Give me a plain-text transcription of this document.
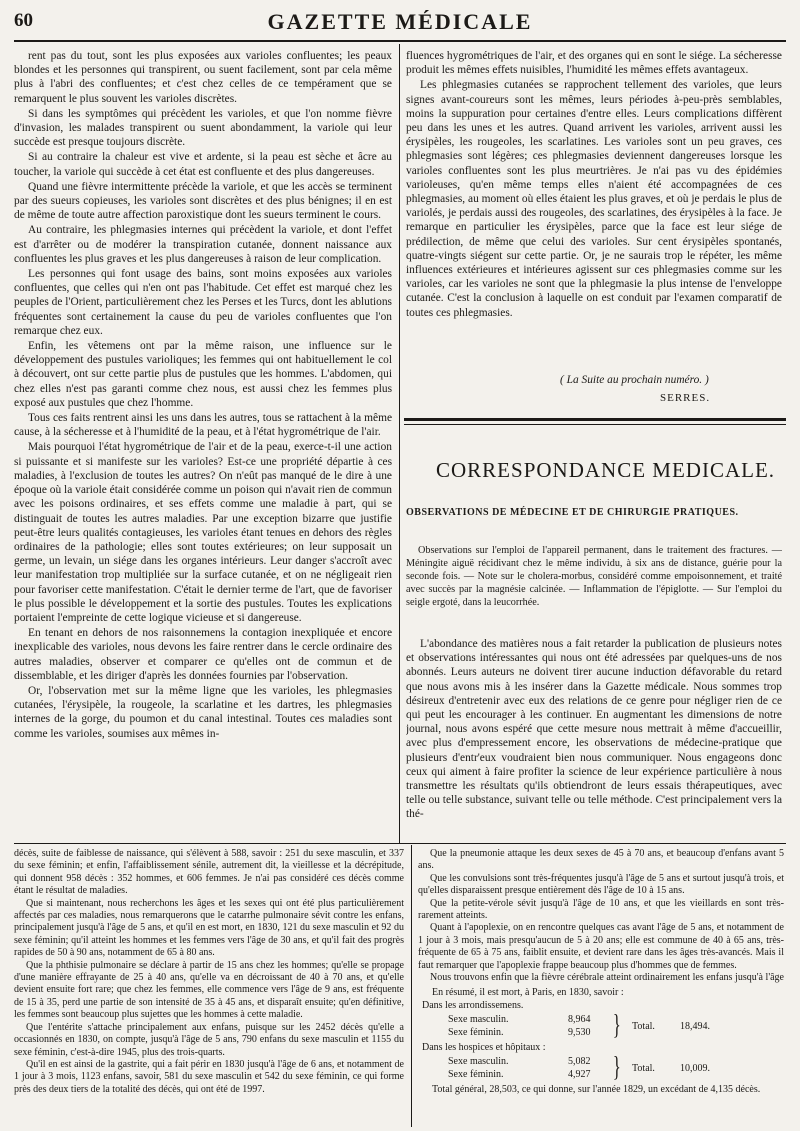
60	GAZETTE MÉDICALE

rent pas du tout, sont les plus exposées aux varioles confluentes; les peaux blondes et les personnes qui transpirent, ou suent facilement, sont par cela même plus à l'abri des confluentes; et c'est chez celles de ce tempérament que se remarquent le plus souvent les varioles discrètes.

Si dans les symptômes qui précèdent les varioles, et que l'on nomme fièvre d'invasion, les malades transpirent ou suent abondamment, la variole qui leur succède est presque toujours discrète.

Si au contraire la chaleur est vive et ardente, si la peau est sèche et âcre au toucher, la variole qui succède à cet état est confluente et des plus dangereuses.

Quand une fièvre intermittente précède la variole, et que les accès se terminent par des sueurs copieuses, les varioles sont discrètes et des plus bénignes; il en est de même de toute autre affection paroxistique dont les sueurs terminent le cours.

Au contraire, les phlegmasies internes qui précèdent la variole, et dont l'effet est d'arrêter ou de modérer la transpiration cutanée, donnent naissance aux confluentes les plus graves et les plus dangereuses à raison de leur complication.

Les personnes qui font usage des bains, sont moins exposées aux varioles confluentes, que celles qui n'en ont pas l'habitude. Cet effet est marqué chez les peuples de l'Orient, particulièrement chez les Perses et les Turcs, dont les ablutions fréquentes sont certainement la cause du peu de varioles confluentes que l'on remarque chez eux.

Enfin, les vêtemens ont par la même raison, une influence sur le développement des pustules varioliques; les femmes qui ont habituellement le col à découvert, ont sur cette partie plus de pustules que les hommes. L'abdomen, qui chez elles n'est pas garanti comme chez nous, est aussi chez les femmes plus exposé aux pustules que chez l'homme.

Tous ces faits rentrent ainsi les uns dans les autres, tous se rattachent à la même cause, à la sécheresse et à l'humidité de la peau, et à l'état hygrométrique de l'air.

Mais pourquoi l'état hygrométrique de l'air et de la peau, exerce-t-il une action si puissante et si manifeste sur les varioles? Est-ce une propriété départie à ces maladies, à l'exclusion de toutes les autres? On n'eût pas manqué de le dire à une époque où la variole était considérée comme un poison qui n'avait rien de commun avec les poisons ordinaires, et ses effets comme une maladie à part, qui se distinguait de toutes les autres maladies. Par une exception bizarre que justifie peut-être leurs qualités contagieuses, les varioles étant tenues en dehors des règles ordinaires de la pathologie; elles sont toutes extérieures; on leur supposait un germe, un levain, un siége dans les organes intérieurs. Leur danger s'accroît avec leur manifestation trop multipliée sur la surface cutanée, et on ne négligeait rien pour favoriser cette manifestation. C'était le dernier terme de l'art, que de favoriser le plus possible le développement et la sortie des pustules. Toutes les explications portaient l'empreinte de cette logique vicieuse et si dangereuse.

En tenant en dehors de nos raisonnemens la contagion inexpliquée et encore inexplicable des varioles, nous devons les faire rentrer dans le cercle ordinaire des autres maladies, observer et comparer ce qu'elles ont de commun et de dissemblable, et les diriger d'après les données fournies par l'observation.

Or, l'observation met sur la même ligne que les varioles, les phlegmasies cutanées, l'érysipèle, la rougeole, la scarlatine et les dartres, les phlegmasies internes de la gorge, du poumon et du canal intestinal. Toutes ces maladies sont comme les varioles, soumises aux mêmes in-

fluences hygrométriques de l'air, et des organes qui en sont le siége. La sécheresse produit les mêmes effets nuisibles, l'humidité les mêmes effets avantageux.

Les phlegmasies cutanées se rapprochent tellement des varioles, que leurs signes avant-coureurs sont les mêmes, leurs périodes à-peu-près semblables, moins la suppuration pour certaines d'entre elles. Leurs complications diffèrent peu dans les unes et les autres. Quand arrivent les varioles, arrivent aussi les érysipèles, les rougeoles, les scarlatines. Les varioles sont un peu graves, ces phlegmasies sont légères; ces phlegmasies deviennent dangereuses lorsque les varioles confluentes sont les plus meurtrières. Je n'ai pas vu des épidémies varioleuses, qu'en même temps elles n'aient été accompagnées de ces phlegmasies, au moment où elles étaient les plus graves, et où je perdais le plus de variolés, je perdais aussi des rougeoles, des scarlatines, des érysipèles à la face. Je remarque en particulier les érysipèles, parce que la face est leur siége de prédilection, de même que celui des varioles. Sur cent érysipèles spontanés, quatre-vingts siégent sur cette partie. Or, je ne saurais trop le répéter, les même influences extérieures et intérieures agissent sur ces phlegmasies comme sur les varioles, car les varioles ne sont que la phlegmasie la plus intense de l'enveloppe cutanée. C'est la conclusion à laquelle on est conduit par l'examen comparatif de toutes ces phlegmasies.

( La Suite au prochain numéro. )
SERRES.
CORRESPONDANCE MEDICALE.
OBSERVATIONS DE MÉDECINE ET DE CHIRURGIE PRATIQUES.

Observations sur l'emploi de l'appareil permanent, dans le traitement des fractures. — Méningite aiguë récidivant chez le même individu, à six ans de distance, guérie pour la seconde fois. — Note sur le cholera-morbus, considéré comme empoisonnement, et traité avec succès par la magnésie calcinée. — Inflammation de l'épiglotte. — Sur l'emploi du seigle ergoté, dans la leucorrhée.

L'abondance des matières nous a fait retarder la publication de plusieurs notes et observations intéressantes qui nous ont été adressées par quelques-uns de nos abonnés. Leurs auteurs ne doivent tirer aucune induction défavorable du retard que nous avons mis à les insérer dans la Gazette médicale. Nous sommes trop désireux d'entretenir avec eux des relations de ce genre pour négliger rien de ce qui peut les encourager à les continuer. En augmentant les dimensions de notre journal, nous avons espéré que cette mesure nous mettrait à même d'accueillir, avec plus d'empressement encore, les observations de médecine-pratique que plusieurs d'entr'eux voudraient bien nous communiquer. Nous engageons donc ceux qui aiment à faire profiter la science de leur expérience particulière à nous transmettre les résultats qu'ils obtiendront de leurs essais thérapeutiques, avec telle ou telle substance, suivant telle ou telle méthode. C'est principalement vers la thé-

décès, suite de faiblesse de naissance, qui s'élèvent à 588, savoir : 251 du sexe masculin, et 337 du sexe féminin; et enfin, l'affaiblissement sénile, autrement dit, la vieillesse et la décrépitude, qui donnent 958 décès : 352 hommes, et 606 femmes. Je n'ai pas considéré ces décès comme étant le résultat de maladies.

Que si maintenant, nous recherchons les âges et les sexes qui ont été plus particulièrement affectés par ces maladies, nous remarquerons que le catarrhe pulmonaire sévit contre les enfans, principalement jusqu'à l'âge de 5 ans, et qu'il en est mort, en 1830, 121 du sexe masculin et 92 du sexe féminin; qu'il atteint les hommes et les femmes vers l'âge de 30 ans, et qu'il fait des progrès rapides de 50 à 90 ans, notamment de 65 à 80 ans.

Que la phthisie pulmonaire se déclare à partir de 15 ans chez les hommes; qu'elle se propage d'une manière effrayante de 25 à 40 ans, qu'elle va en décroissant de 40 à 70 ans, et qu'elle devient ensuite fort rare; que chez les femmes, elle commence vers l'âge de 9 ans, est fréquente de 15 à 35, perd une partie de son intensité de 35 à 45 ans, et disparaît ensuite; qu'en définitive, les femmes sont beaucoup plus sujettes que les hommes à cette maladie.

Que l'entérite s'attache principalement aux enfans, puisque sur les 2452 décès qu'elle a occasionnés en 1830, on compte, jusqu'à l'âge de 5 ans, 790 enfans du sexe masculin et 1155 du sexe féminin, c'est-à-dire 1945, plus des trois-quarts.

Qu'il en est ainsi de la gastrite, qui a fait périr en 1830 jusqu'à l'âge de 6 ans, et notamment de 1 jour à 3 mois, 1123 enfans, savoir, 581 du sexe masculin et 542 du sexe féminin, ce qui forme près des deux tiers de la totalité des décès, qui ont été de 1997.

Que la pneumonie attaque les deux sexes de 45 à 70 ans, et beaucoup d'enfans avant 5 ans.

Que les convulsions sont très-fréquentes jusqu'à l'âge de 5 ans et surtout jusqu'à trois, et qu'elles disparaissent presque entièrement dès l'âge de 10 à 15 ans.

Que la petite-vérole sévit jusqu'à l'âge de 10 ans, et que les vieillards en sont très-rarement atteints.

Quant à l'apoplexie, on en rencontre quelques cas avant l'âge de 5 ans, et notamment de 1 jour à 3 mois, mais presqu'aucun de 5 à 20 ans; elle est commune de 40 à 65 ans, très-fréquente de 65 à 75 ans, faiblit ensuite, et devient rare dans les âges très-avancés. Mais il faut remarquer que l'apoplexie frappe beaucoup plus d'hommes que de femmes.

Nous trouvons enfin que la fièvre cérébrale atteint ordinairement les enfans jusqu'à l'âge

En résumé, il est mort, à Paris, en 1830, savoir :
Dans les arrondissemens.
Sexe masculin.	8,964
Sexe féminin.	9,530 } Total.	18,494.
Dans les hospices et hôpitaux :
Sexe masculin.	5,082
Sexe féminin.	4,927 } Total.	10,009.
Total général, 28,503, ce qui donne, sur l'année 1829, un excédant de 4,135 décès.
